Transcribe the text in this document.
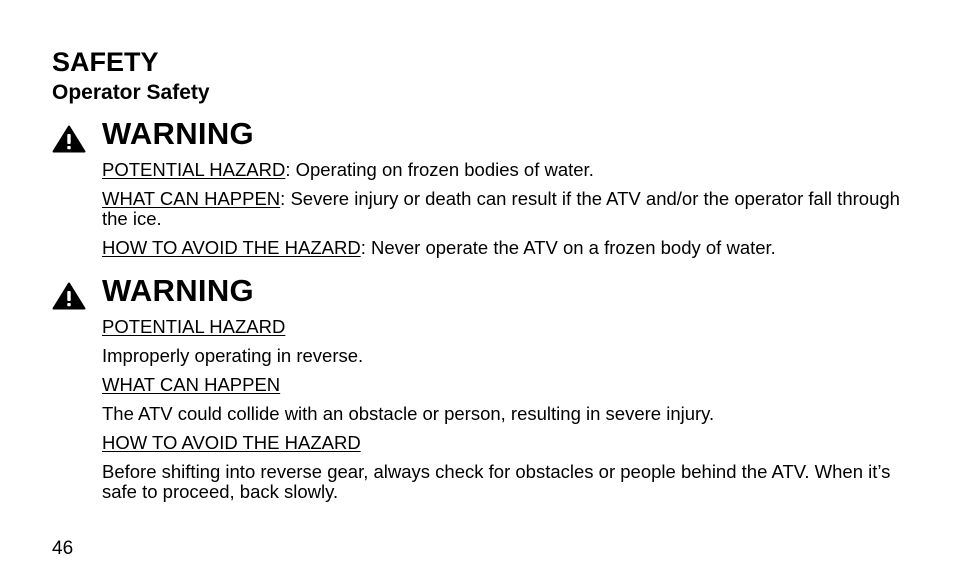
SAFETY
Operator Safety
WARNING

POTENTIAL HAZARD: Operating on frozen bodies of water.

WHAT CAN HAPPEN: Severe injury or death can result if the ATV and/or the operator fall through the ice.

HOW TO AVOID THE HAZARD: Never operate the ATV on a frozen body of water.

WARNING

POTENTIAL HAZARD

Improperly operating in reverse.

WHAT CAN HAPPEN

The ATV could collide with an obstacle or person, resulting in severe injury.

HOW TO AVOID THE HAZARD

Before shifting into reverse gear, always check for obstacles or people behind the ATV. When it’s safe to proceed, back slowly.

46
